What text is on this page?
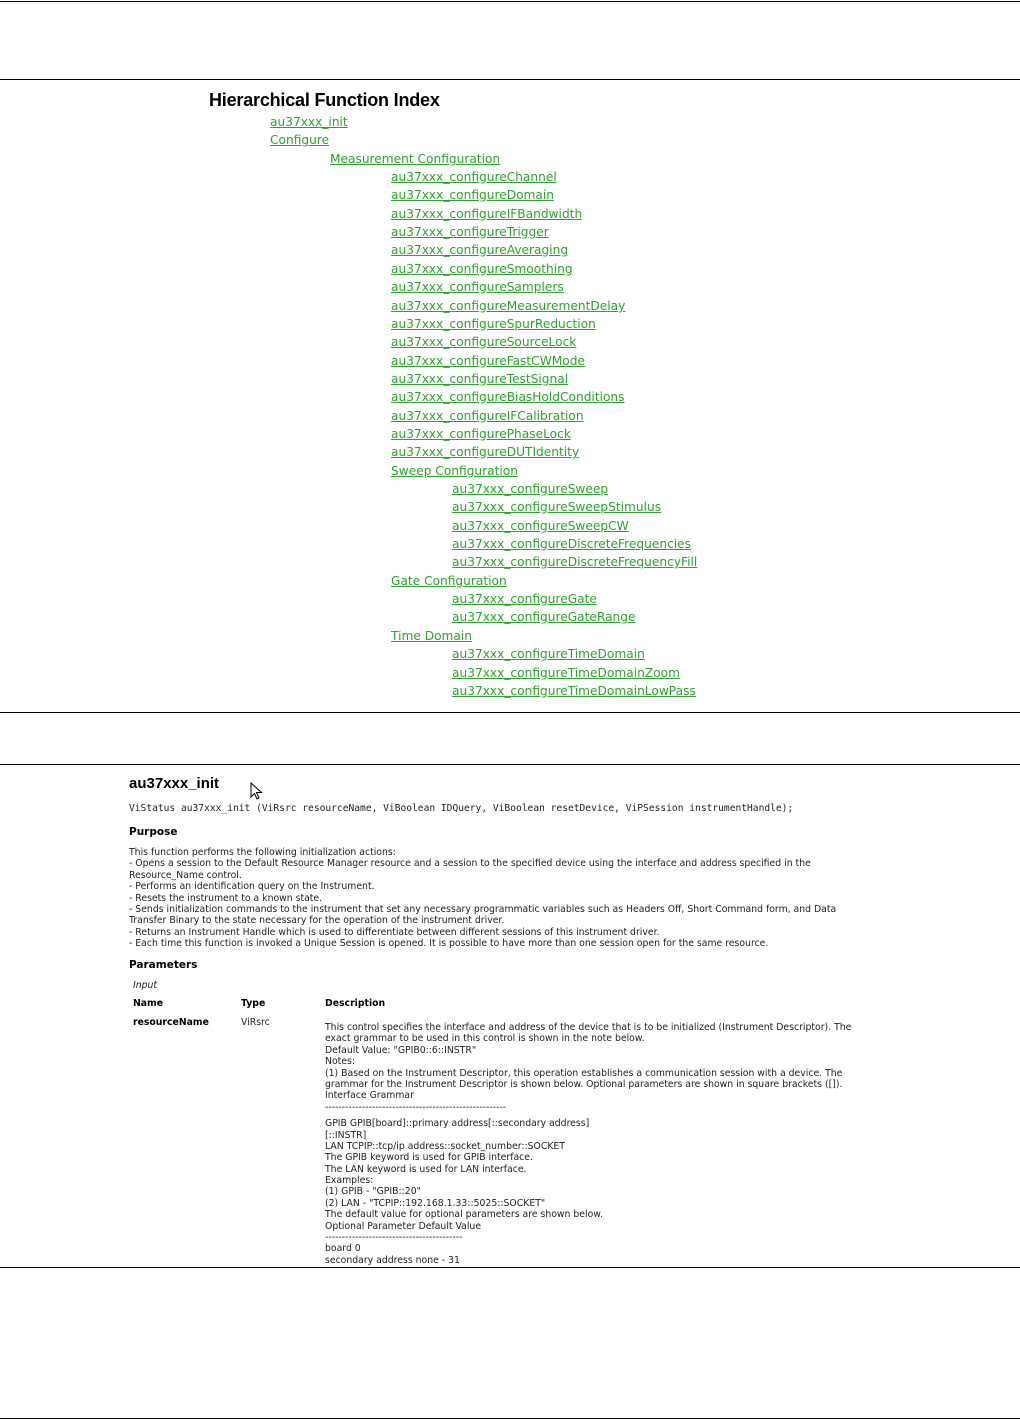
Hierarchical Function Index
au37xxx_init
Configure
Measurement Configuration
au37xxx_configureChannel
au37xxx_configureDomain
au37xxx_configureIFBandwidth
au37xxx_configureTrigger
au37xxx_configureAveraging
au37xxx_configureSmoothing
au37xxx_configureSamplers
au37xxx_configureMeasurementDelay
au37xxx_configureSpurReduction
au37xxx_configureSourceLock
au37xxx_configureFastCWMode
au37xxx_configureTestSignal
au37xxx_configureBiasHoldConditions
au37xxx_configureIFCalibration
au37xxx_configurePhaseLock
au37xxx_configureDUTIdentity
Sweep Configuration
au37xxx_configureSweep
au37xxx_configureSweepStimulus
au37xxx_configureSweepCW
au37xxx_configureDiscreteFrequencies
au37xxx_configureDiscreteFrequencyFill
Gate Configuration
au37xxx_configureGate
au37xxx_configureGateRange
Time Domain
au37xxx_configureTimeDomain
au37xxx_configureTimeDomainZoom
au37xxx_configureTimeDomainLowPass
au37xxx_init
ViStatus au37xxx_init (ViRsrc resourceName, ViBoolean IDQuery, ViBoolean resetDevice, ViPSession instrumentHandle);
Purpose
This function performs the following initialization actions:
- Opens a session to the Default Resource Manager resource and a session to the specified device using the interface and address specified in the
Resource_Name control.
- Performs an identification query on the Instrument.
- Resets the instrument to a known state.
- Sends initialization commands to the instrument that set any necessary programmatic variables such as Headers Off, Short Command form, and Data
Transfer Binary to the state necessary for the operation of the instrument driver.
- Returns an Instrument Handle which is used to differentiate between different sessions of this instrument driver.
- Each time this function is invoked a Unique Session is opened. It is possible to have more than one session open for the same resource.
Parameters
Input
Name	Type	Description
resourceName	ViRsrc	This control specifies the interface and address of the device that is to be initialized (Instrument Descriptor). The
exact grammar to be used in this control is shown in the note below.
Default Value: "GPIB0::6::INSTR"
Notes:
(1) Based on the Instrument Descriptor, this operation establishes a communication session with a device. The
grammar for the Instrument Descriptor is shown below. Optional parameters are shown in square brackets ([]).
Interface Grammar
------------------------------------------------------
GPIB GPIB[board]::primary address[::secondary address]
[::INSTR]
LAN TCPIP::tcp/ip address::socket_number::SOCKET
The GPIB keyword is used for GPIB interface.
The LAN keyword is used for LAN interface.
Examples:
(1) GPIB - "GPIB::20"
(2) LAN - "TCPIP::192.168.1.33::5025::SOCKET"
The default value for optional parameters are shown below.
Optional Parameter Default Value
-----------------------------------------
board 0
secondary address none - 31
